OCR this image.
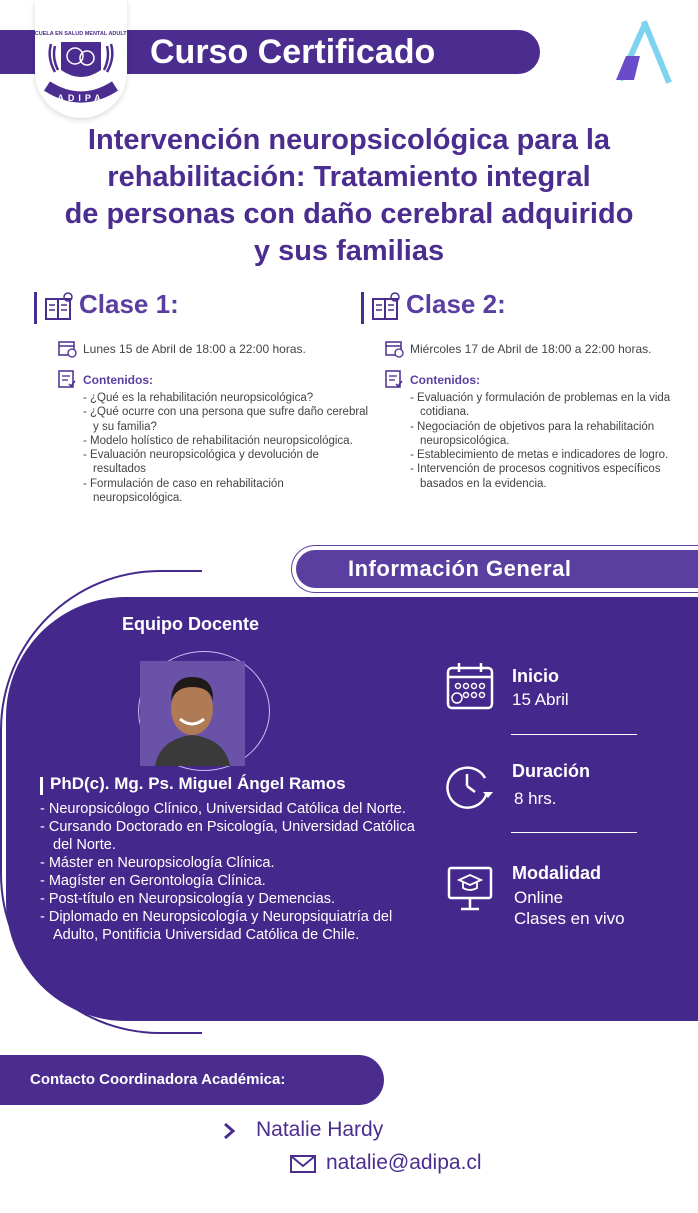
Curso Certificado
ESCUELA EN SALUD MENTAL ADULTOS
ADIPA
Intervención neuropsicológica para la
rehabilitación: Tratamiento integral
de personas con daño cerebral adquirido
y sus familias
Clase 1:
Lunes 15 de Abril de 18:00 a 22:00 horas.
Contenidos:
- ¿Qué es la rehabilitación neuropsicológica?
- ¿Qué ocurre con una persona que sufre daño cerebral y su familia?
- Modelo holístico de rehabilitación neuropsicológica.
- Evaluación neuropsicológica y devolución de resultados
- Formulación de caso en rehabilitación neuropsicológica.
Clase 2:
Miércoles 17 de Abril de 18:00 a 22:00 horas.
Contenidos:
- Evaluación y formulación de problemas en la vida cotidiana.
- Negociación de objetivos para la rehabilitación neuropsicológica.
- Establecimiento de metas e indicadores de logro.
- Intervención de procesos cognitivos específicos basados en la evidencia.
Información General
Equipo Docente
PhD(c). Mg. Ps. Miguel Ángel Ramos
- Neuropsicólogo Clínico, Universidad Católica del Norte.
- Cursando Doctorado en Psicología, Universidad Católica del Norte.
- Máster en Neuropsicología Clínica.
- Magíster en Gerontología Clínica.
- Post-título en Neuropsicología y Demencias.
- Diplomado en Neuropsicología y Neuropsiquiatría del Adulto, Pontificia Universidad Católica de Chile.
Inicio
15 Abril
Duración
8 hrs.
Modalidad
Online
Clases en vivo
Contacto Coordinadora Académica:
Natalie Hardy
natalie@adipa.cl
